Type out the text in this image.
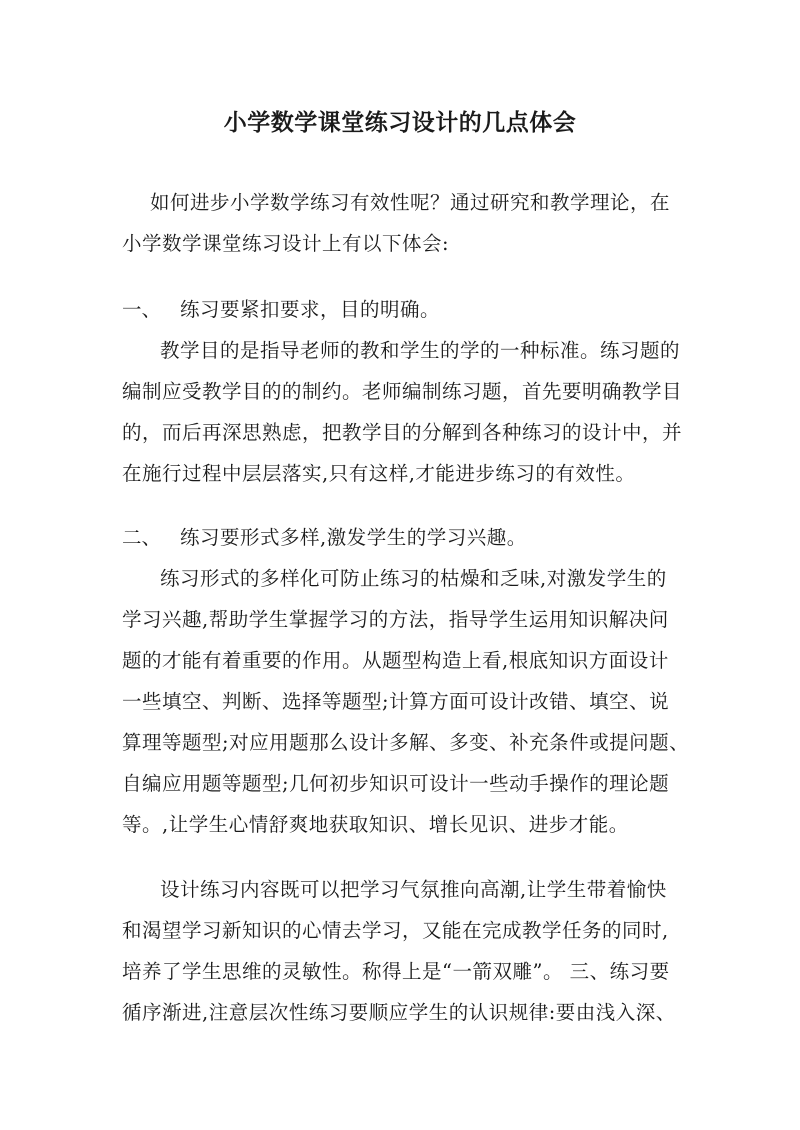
小学数学课堂练习设计的几点体会
如何进步小学数学练习有效性呢？通过研究和教学理论，在
小学数学课堂练习设计上有以下体会:
一、 练习要紧扣要求，目的明确。
教学目的是指导老师的教和学生的学的一种标准。练习题的
编制应受教学目的的制约。老师编制练习题，首先要明确教学目
的，而后再深思熟虑，把教学目的分解到各种练习的设计中，并
在施行过程中层层落实,只有这样,才能进步练习的有效性。
二、 练习要形式多样,激发学生的学习兴趣。
练习形式的多样化可防止练习的枯燥和乏味,对激发学生的
学习兴趣,帮助学生掌握学习的方法，指导学生运用知识解决问
题的才能有着重要的作用。从题型构造上看,根底知识方面设计
一些填空、判断、选择等题型;计算方面可设计改错、填空、说
算理等题型;对应用题那么设计多解、多变、补充条件或提问题、
自编应用题等题型;几何初步知识可设计一些动手操作的理论题
等。,让学生心情舒爽地获取知识、增长见识、进步才能。
设计练习内容既可以把学习气氛推向高潮,让学生带着愉快
和渴望学习新知识的心情去学习，又能在完成教学任务的同时,
培养了学生思维的灵敏性。称得上是“一箭双雕”。 三、练习要
循序渐进,注意层次性练习要顺应学生的认识规律:要由浅入深、
